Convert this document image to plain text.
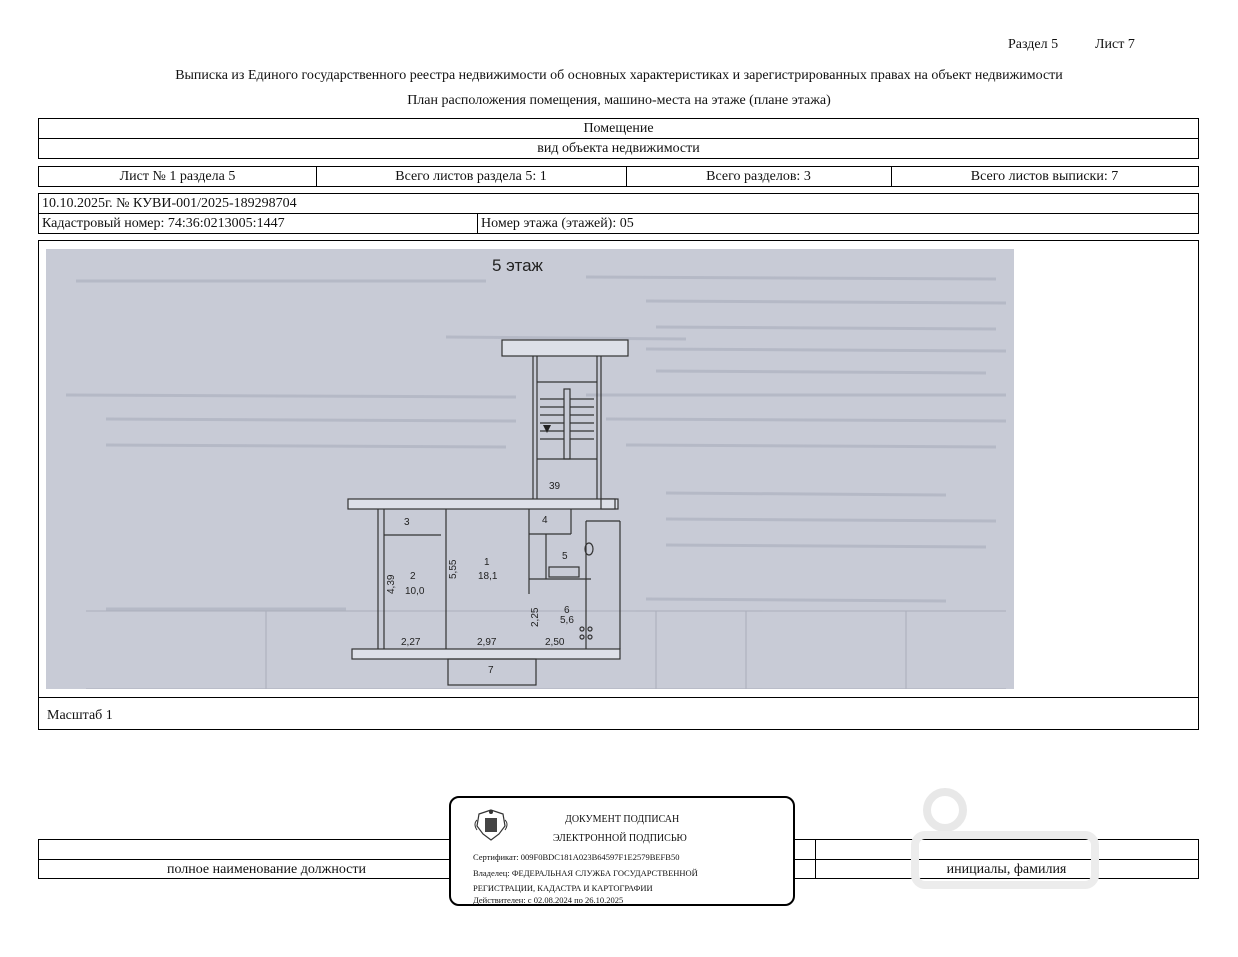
Раздел 5	Лист 7
Выписка из Единого государственного реестра недвижимости об основных характеристиках и зарегистрированных правах на объект недвижимости
План расположения помещения, машино-места на этаже (плане этажа)
Помещение
вид объекта недвижимости
Лист № 1 раздела 5	Всего листов раздела 5: 1	Всего разделов: 3	Всего листов выписки: 7
10.10.2025г. № КУВИ-001/2025-189298704
Кадастровый номер: 74:36:0213005:1447	Номер этажа (этажей): 05
Масштаб 1
5 этаж
39
3	4
5
1
18,1
2
10,0
6
5,6
7
2,27	2,97	2,50
4,39
5,55
2,25
полное наименование должности	инициалы, фамилия
ДОКУМЕНТ ПОДПИСАН
ЭЛЕКТРОННОЙ ПОДПИСЬЮ
Сертификат: 009F0BDC181A023B64597F1E2579BEFB50
Владелец: ФЕДЕРАЛЬНАЯ СЛУЖБА ГОСУДАРСТВЕННОЙ
РЕГИСТРАЦИИ, КАДАСТРА И КАРТОГРАФИИ
Действителен: с 02.08.2024 по 26.10.2025
